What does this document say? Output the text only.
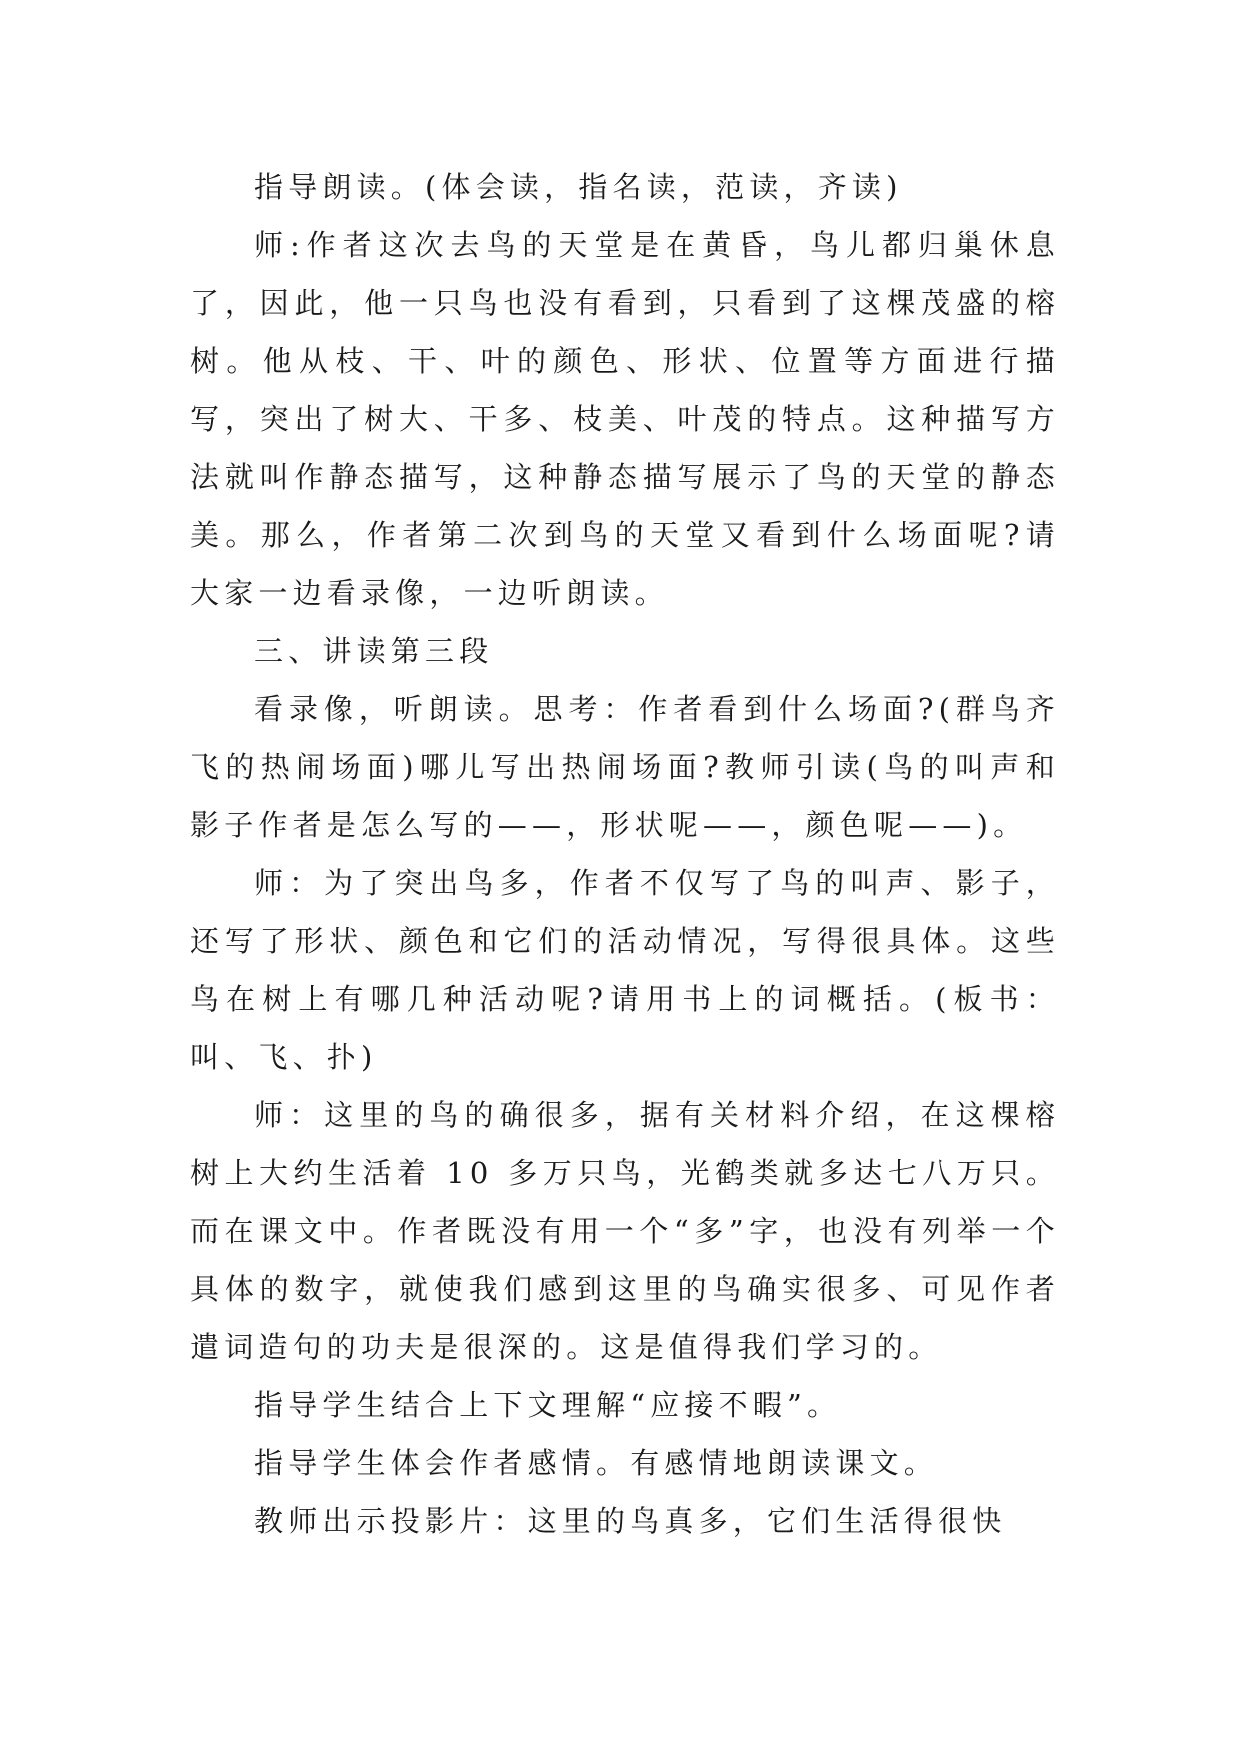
指导朗读。(体会读，指名读，范读，齐读)

师:作者这次去鸟的天堂是在黄昏，鸟儿都归巢休息了，因此，他一只鸟也没有看到，只看到了这棵茂盛的榕树。他从枝、干、叶的颜色、形状、位置等方面进行描写，突出了树大、干多、枝美、叶茂的特点。这种描写方法就叫作静态描写，这种静态描写展示了鸟的天堂的静态美。那么，作者第二次到鸟的天堂又看到什么场面呢?请大家一边看录像，一边听朗读。

三、讲读第三段

看录像，听朗读。思考：作者看到什么场面?(群鸟齐飞的热闹场面)哪儿写出热闹场面?教师引读(鸟的叫声和影子作者是怎么写的——，形状呢——，颜色呢——)。

师：为了突出鸟多，作者不仅写了鸟的叫声、影子，还写了形状、颜色和它们的活动情况，写得很具体。这些鸟在树上有哪几种活动呢?请用书上的词概括。(板书：叫、飞、扑)

师：这里的鸟的确很多，据有关材料介绍，在这棵榕树上大约生活着 10 多万只鸟，光鹤类就多达七八万只。而在课文中。作者既没有用一个“多”字，也没有列举一个具体的数字，就使我们感到这里的鸟确实很多、可见作者遣词造句的功夫是很深的。这是值得我们学习的。

指导学生结合上下文理解“应接不暇”。

指导学生体会作者感情。有感情地朗读课文。

教师出示投影片：这里的鸟真多，它们生活得很快
